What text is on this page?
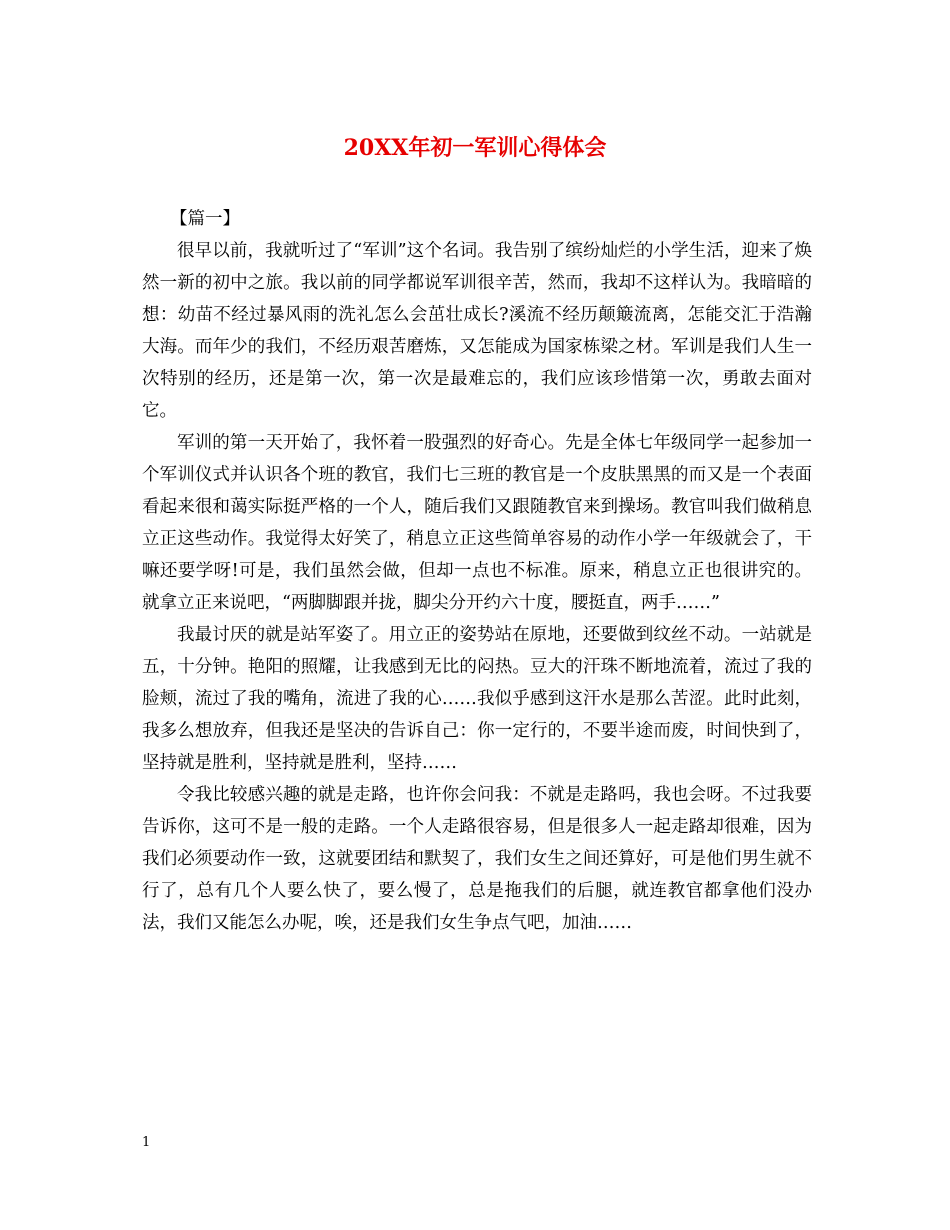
20XX年初一军训心得体会

【篇一】

很早以前，我就听过了“军训”这个名词。我告别了缤纷灿烂的小学生活，迎来了焕然一新的初中之旅。我以前的同学都说军训很辛苦，然而，我却不这样认为。我暗暗的想：幼苗不经过暴风雨的洗礼怎么会茁壮成长?溪流不经历颠簸流离，怎能交汇于浩瀚大海。而年少的我们，不经历艰苦磨炼，又怎能成为国家栋梁之材。军训是我们人生一次特别的经历，还是第一次，第一次是最难忘的，我们应该珍惜第一次，勇敢去面对它。

军训的第一天开始了，我怀着一股强烈的好奇心。先是全体七年级同学一起参加一个军训仪式并认识各个班的教官，我们七三班的教官是一个皮肤黑黑的而又是一个表面看起来很和蔼实际挺严格的一个人，随后我们又跟随教官来到操场。教官叫我们做稍息立正这些动作。我觉得太好笑了，稍息立正这些简单容易的动作小学一年级就会了，干嘛还要学呀!可是，我们虽然会做，但却一点也不标准。原来，稍息立正也很讲究的。就拿立正来说吧，“两脚脚跟并拢，脚尖分开约六十度，腰挺直，两手……”

我最讨厌的就是站军姿了。用立正的姿势站在原地，还要做到纹丝不动。一站就是五，十分钟。艳阳的照耀，让我感到无比的闷热。豆大的汗珠不断地流着，流过了我的脸颊，流过了我的嘴角，流进了我的心……我似乎感到这汗水是那么苦涩。此时此刻，我多么想放弃，但我还是坚决的告诉自己：你一定行的，不要半途而废，时间快到了，坚持就是胜利，坚持就是胜利，坚持……

令我比较感兴趣的就是走路，也许你会问我：不就是走路吗，我也会呀。不过我要告诉你，这可不是一般的走路。一个人走路很容易，但是很多人一起走路却很难，因为我们必须要动作一致，这就要团结和默契了，我们女生之间还算好，可是他们男生就不行了，总有几个人要么快了，要么慢了，总是拖我们的后腿，就连教官都拿他们没办法，我们又能怎么办呢，唉，还是我们女生争点气吧，加油……

1
